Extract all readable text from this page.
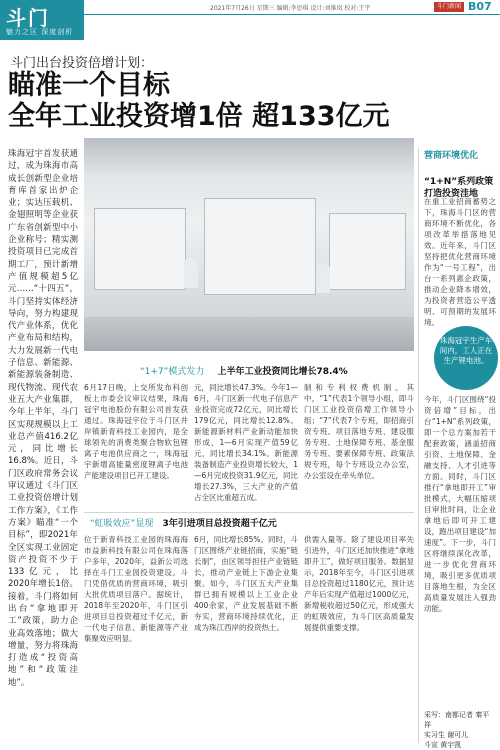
斗门
魅力之区 深度剖析
2021年7月26日 星期三 编辑:李思琪 设计:刘维岚 校对:王宇	斗门新闻 B07
斗门出台投资倍增计划：
瞄准一个目标
全年工业投资增1倍 超133亿元

珠海冠宇首发获通过，成为珠海市高成长创新型企业培育库首家出炉企业；实达压载机、金翅照明等企业获广东省创新型中小企业称号；精实测投资项目已完成首期工厂，预计新增产值规模超5亿元……“十四五”，斗门坚持实体经济导向，努力构建现代产业体系，优化产业布局和结构，大力发展新一代电子信息、新能源、新能源装备制造、现代物流、现代农业五大产业集群，今年上半年，斗门区实现规模以上工业总产值416.2亿元，同比增长16.8%。近日，斗门区政府常务会议审议通过《斗门区工业投资倍增计划工作方案》，《工作方案》瞄准“一个目标”，即2021年全区实现工业固定资产投资不少于133亿元，比2020年增长1倍。接着，斗门将如何出台“拿地即开工”政策，助力企业高效落地；做大增量，努力将珠海打造成“投资高地”和“政策洼地”。

珠海冠宇生产车间内，工人正在生产锂电池。
“1+7”模式发力 上半年工业投资同比增长78.4%

6月17日晚，上交所发布科创板上市委会议审议结果，珠海冠宇电池股份有限公司首发获通过。珠海冠宇位于斗门区井岸镇新青科技工业园内，是全球领先的消费类聚合物软包锂离子电池供应商之一，珠海冠宇新增高能量密度锂离子电池产能建设项目已开工建设。

元，同比增长47.3%。今年1—6月，斗门区新一代电子信息产业投资完成72亿元，同比增长179亿元，同比增长12.8%。新能源新材料产业新动能加快形成，1—6月实现产值59亿元，同比增长34.1%。新能源装备制造产业投资增长较大，1—6月完成投资31.9亿元，同比增长27.3%，三大产业的产值占全区比重超五成。

制和专利权费机制。其中，“1”代表1个领导小组，即斗门区工业投资倍增工作领导小组；“7”代表7个专班，即招商引资专班、项目落地专班、建设服务专班、土地保障专班、基金服务专班、要素保障专班、政策法规专班，每个专班设立办公室，办公室设在牵头单位。

“虹吸效应”显现 3年引进项目总投资超千亿元

位于新青科技工业园的珠海海市益新科技有限公司在珠海落户多年，2020年，益新公司选择在斗门工业园投资建设。斗门凭借优质的营商环境，吸引大批优质项目落户。据统计，2018年至2020年，斗门区引进项目总投资超过千亿元，新一代电子信息、新能源等产业集聚效应明显。

6月，同比增长85%。同时，斗门区围绕产业链招商，实施“链长制”，由区领导担任产业链链长，推动产业链上下游企业集聚。如今，斗门区五大产业集群已拥有规模以上工业企业400余家，产业发展基础不断夯实，营商环境持续优化，正成为珠江西岸的投资热土。

供需入量等。除了建设项目率先引进外，斗门区还加快推进“拿地即开工”，做好项目服务。数据显示，2018年至今，斗门区引进项目总投资超过1180亿元，预计达产年后实现产值超过1000亿元，新增税收超过50亿元，形成强大的虹吸效应，为斗门区高质量发展提供重要支撑。

营商环境优化
“1+N”系列政策打造投资洼地

在重工业招商蓄势之下，珠海斗门区的营商环境不断优化，各项改革举措落地见效。近年来，斗门区坚持把优化营商环境作为“一号工程”，出台一系列惠企政策，推动企业降本增效，为投资者营造公平透明、可预期的发展环境。

今年，斗门区围绕“投资倍增”目标，出台“1+N”系列政策，即一个总方案加若干配套政策，涵盖招商引资、土地保障、金融支持、人才引进等方面。同时，斗门区推行“拿地即开工”审批模式，大幅压缩项目审批时间，让企业拿地后即可开工建设，跑出项目建设“加速度”。下一步，斗门区将继续深化改革，进一步优化营商环境，吸引更多优质项目落地生根，为全区高质量发展注入强劲动能。

采写：南都记者 秦平祥
实习生 谢可儿
斗宣 黄宇凯
